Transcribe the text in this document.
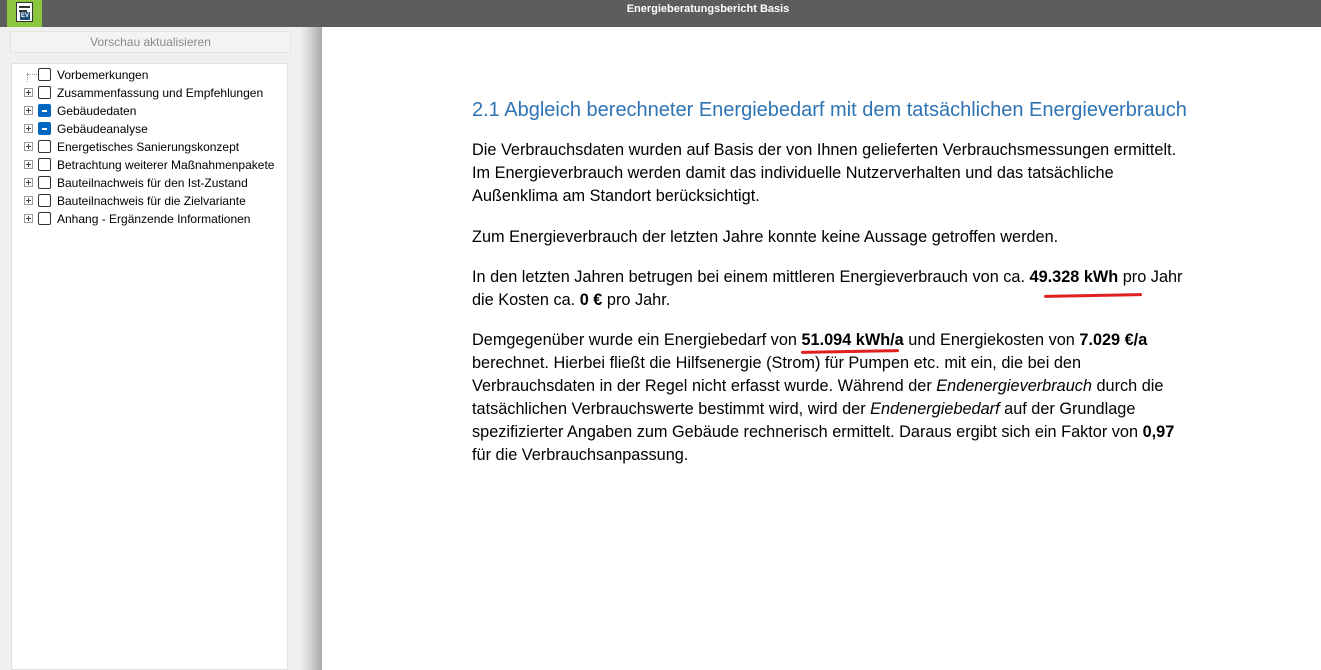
EV
Energieberatungsbericht Basis
Vorschau aktualisieren
Vorbemerkungen
Zusammenfassung und Empfehlungen
Gebäudedaten
Gebäudeanalyse
Energetisches Sanierungskonzept
Betrachtung weiterer Maßnahmenpakete
Bauteilnachweis für den Ist-Zustand
Bauteilnachweis für die Zielvariante
Anhang - Ergänzende Informationen
2.1 Abgleich berechneter Energiebedarf mit dem tatsächlichen Energieverbrauch
Die Verbrauchsdaten wurden auf Basis der von Ihnen gelieferten Verbrauchsmessungen ermittelt.
Im Energieverbrauch werden damit das individuelle Nutzerverhalten und das tatsächliche
Außenklima am Standort berücksichtigt.
Zum Energieverbrauch der letzten Jahre konnte keine Aussage getroffen werden.
In den letzten Jahren betrugen bei einem mittleren Energieverbrauch von ca. 49.328 kWh
pro Jahr
die Kosten ca. 0 € pro Jahr.
Demgegenüber wurde ein Energiebedarf von 51.094 kWh/a
und Energiekosten von 7.029 €/a
berechnet. Hierbei fließt die Hilfsenergie (Strom) für Pumpen etc. mit ein, die bei den
Verbrauchsdaten in der Regel nicht erfasst wurde. Während der Endenergieverbrauch durch die
tatsächlichen Verbrauchswerte bestimmt wird, wird der Endenergiebedarf auf der Grundlage
spezifizierter Angaben zum Gebäude rechnerisch ermittelt. Daraus ergibt sich ein Faktor von 0,97
für die Verbrauchsanpassung.
